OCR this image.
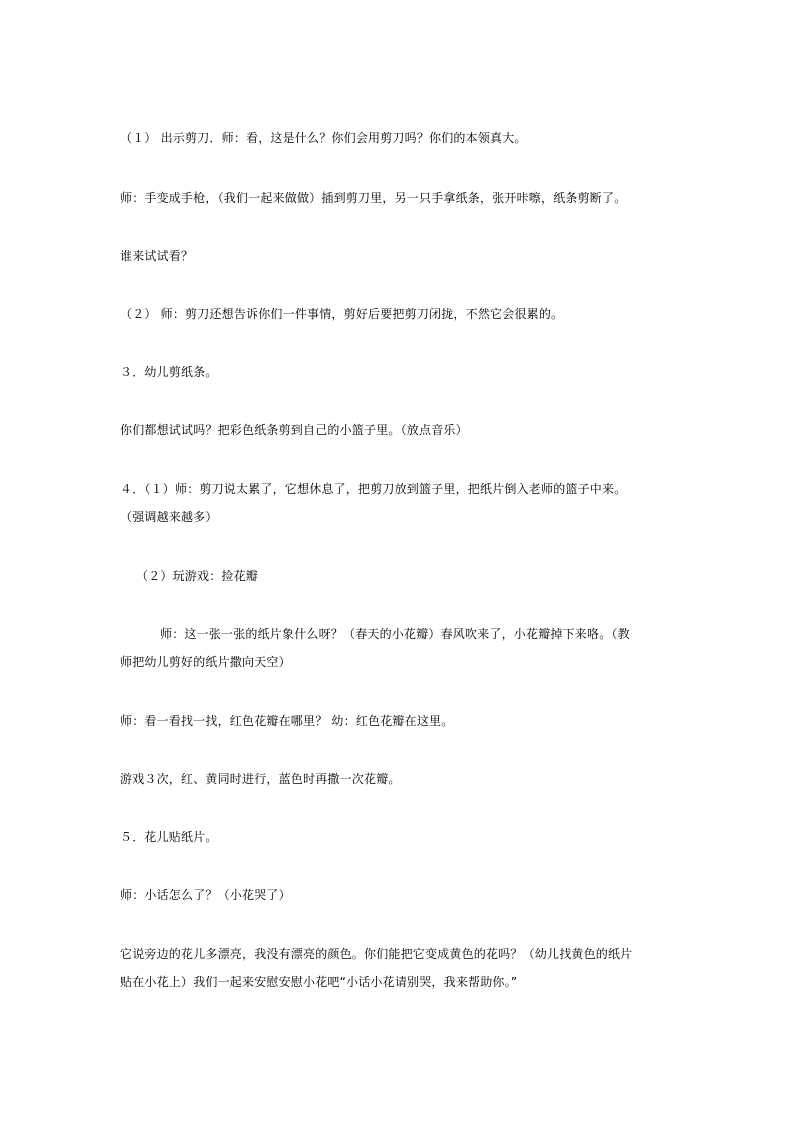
（１） 出示剪刀．师：看，这是什么？你们会用剪刀吗？你们的本领真大。
师：手变成手枪，（我们一起来做做）插到剪刀里，另一只手拿纸条，张开咔嚓，纸条剪断了。
谁来试试看？
（２） 师：剪刀还想告诉你们一件事情，剪好后要把剪刀闭拢，不然它会很累的。
３．幼儿剪纸条。
你们都想试试吗？把彩色纸条剪到自己的小篮子里。（放点音乐）
４．（１）师：剪刀说太累了，它想休息了，把剪刀放到篮子里，把纸片倒入老师的篮子中来。
（强调越来越多）
（２）玩游戏：捡花瓣
师：这一张一张的纸片象什么呀？（春天的小花瓣）春风吹来了，小花瓣掉下来咯。（教
师把幼儿剪好的纸片撒向天空）
师：看一看找一找，红色花瓣在哪里？ 幼：红色花瓣在这里。
游戏３次，红、黄同时进行，蓝色时再撒一次花瓣。
５．花儿贴纸片。
师：小话怎么了？（小花哭了）
它说旁边的花儿多漂亮，我没有漂亮的颜色。你们能把它变成黄色的花吗？（幼儿找黄色的纸片
贴在小花上）我们一起来安慰安慰小花吧“小话小花请别哭，我来帮助你。”
